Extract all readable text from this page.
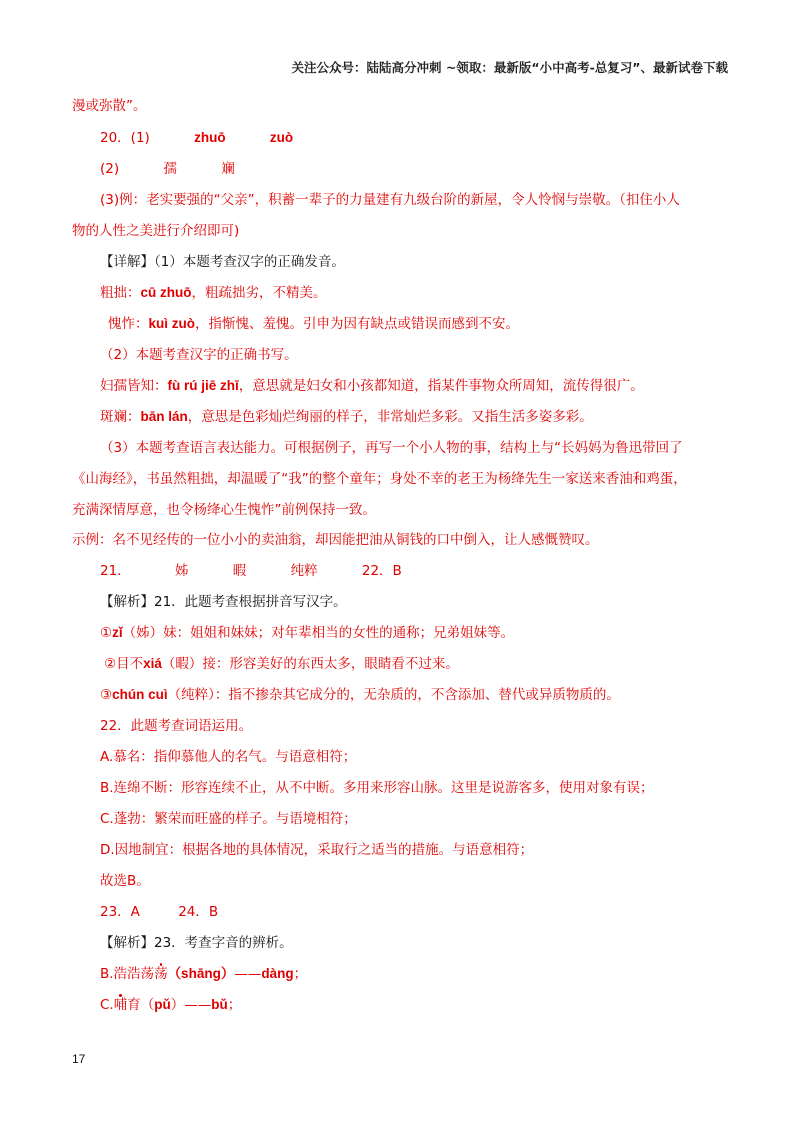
关注公众号：陆陆高分冲刺 ~领取：最新版“小中高考-总复习”、最新试卷下载
漫或弥散”。
20．(1)	zhuō	zuò
(2)	孺	斓
(3)例：老实要强的“父亲”，积蓄一辈子的力量建有九级台阶的新屋，令人怜悯与崇敬。（扣住小人
物的人性之美进行介绍即可)
【详解】（1）本题考查汉字的正确发音。
粗拙：cū zhuō，粗疏拙劣，不精美。
愧怍：kuì zuò，指惭愧、羞愧。引申为因有缺点或错误而感到不安。
（2）本题考查汉字的正确书写。
妇孺皆知：fù rú jiē zhī，意思就是妇女和小孩都知道，指某件事物众所周知，流传得很广。
斑斓：bān lán，意思是色彩灿烂绚丽的样子，非常灿烂多彩。又指生活多姿多彩。
（3）本题考查语言表达能力。可根据例子，再写一个小人物的事，结构上与“长妈妈为鲁迅带回了
《山海经》，书虽然粗拙，却温暖了“我”的整个童年；身处不幸的老王为杨绛先生一家送来香油和鸡蛋，
充满深情厚意，也令杨绛心生愧怍”前例保持一致。
示例：名不见经传的一位小小的卖油翁，却因能把油从铜钱的口中倒入，让人感慨赞叹。
21．	姊	暇	纯粹	22．B
【解析】21．此题考查根据拼音写汉字。
①zǐ（姊）妹：姐姐和妹妹；对年辈相当的女性的通称；兄弟姐妹等。
②目不xiá（暇）接：形容美好的东西太多，眼睛看不过来。
③chún cuì（纯粹）：指不掺杂其它成分的，无杂质的，不含添加、替代或异质物质的。
22．此题考查词语运用。
A.慕名：指仰慕他人的名气。与语意相符；
B.连绵不断：形容连续不止，从不中断。多用来形容山脉。这里是说游客多，使用对象有误；
C.蓬勃：繁荣而旺盛的样子。与语境相符；
D.因地制宜：根据各地的具体情况，采取行之适当的措施。与语意相符；
故选B。
23．A	24．B
【解析】23．考查字音的辨析。
B.浩浩荡荡（shāng）——dàng；
C.哺育（pǔ）——bǔ；
17
